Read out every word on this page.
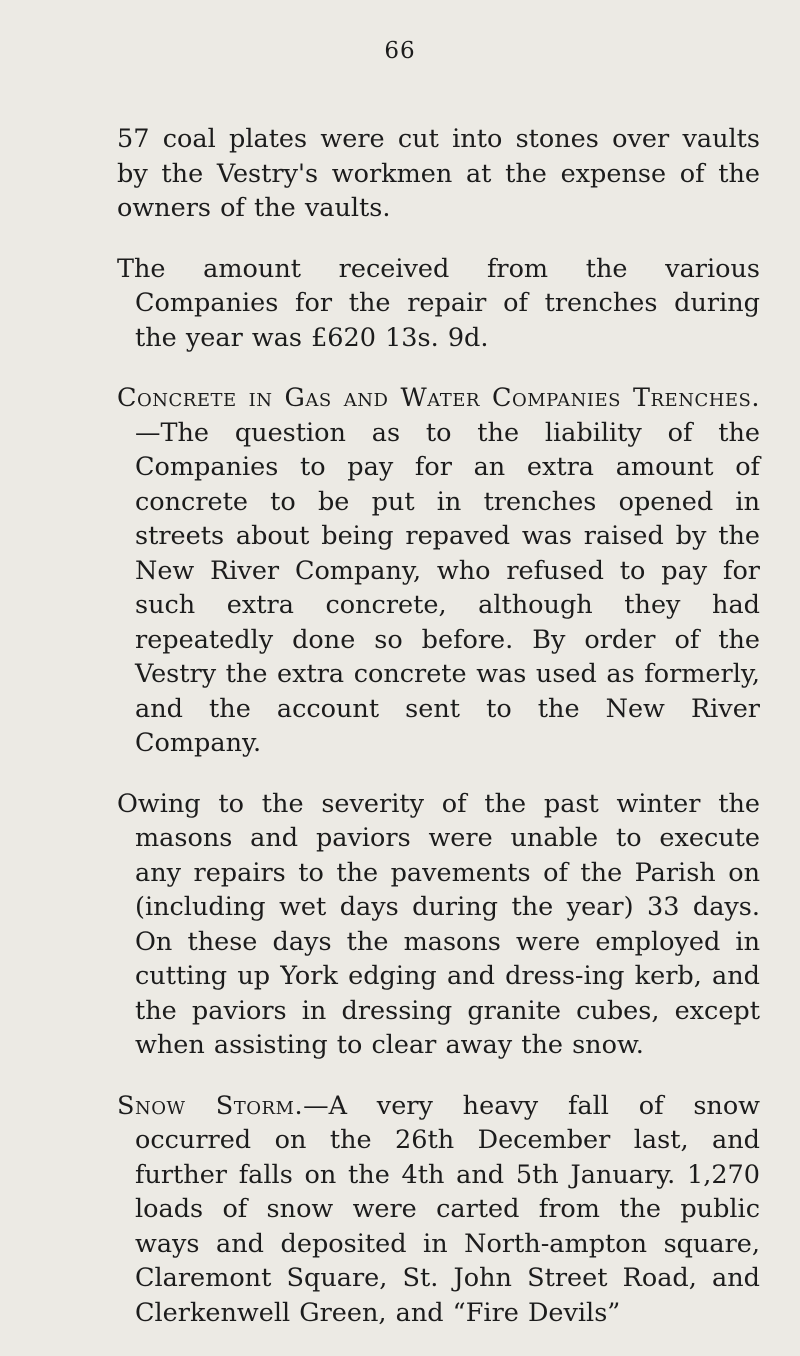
66

57 coal plates were cut into stones over vaults by the Vestry's workmen at the expense of the owners of the vaults.

The amount received from the various Companies for the repair of trenches during the year was £620 13s. 9d.

Concrete in Gas and Water Companies Trenches.—The question as to the liability of the Companies to pay for an extra amount of concrete to be put in trenches opened in streets about being repaved was raised by the New River Company, who refused to pay for such extra concrete, although they had repeatedly done so before. By order of the Vestry the extra concrete was used as formerly, and the account sent to the New River Company.

Owing to the severity of the past winter the masons and paviors were unable to execute any repairs to the pavements of the Parish on (including wet days during the year) 33 days. On these days the masons were employed in cutting up York edging and dress-ing kerb, and the paviors in dressing granite cubes, except when assisting to clear away the snow.

Snow Storm.—A very heavy fall of snow occurred on the 26th December last, and further falls on the 4th and 5th January. 1,270 loads of snow were carted from the public ways and deposited in North-ampton square, Claremont Square, St. John Street Road, and Clerkenwell Green, and “Fire Devils”
